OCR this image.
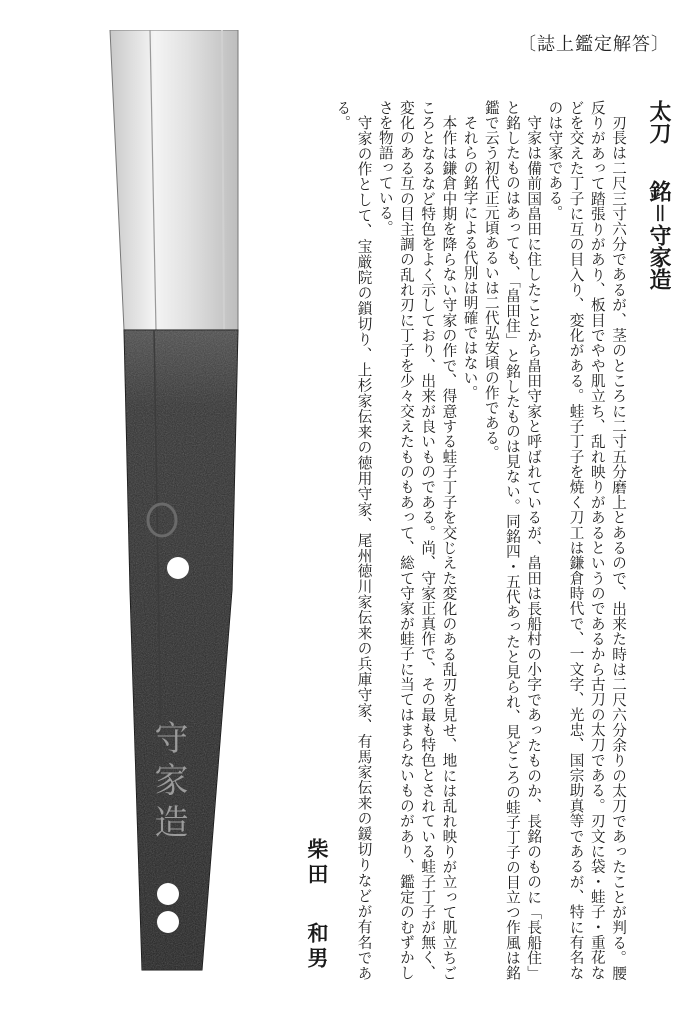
守家造
〔誌上鑑定解答〕
太刀銘＝守家造

刃長は二尺三寸六分であるが、茎のところに二寸五分磨上とあるので、出来た時は二尺六分余りの太刀であったことが判る。腰反りがあって踏張りがあり、板目でやや肌立ち、乱れ映りがあるというのであるから古刀の太刀である。刃文に袋・蛙子・重花などを交えた丁子に互の目入り、変化がある。蛙子丁子を焼く刀工は鎌倉時代で、一文字、光忠、国宗助真等であるが、特に有名なのは守家である。

守家は備前国畠田に住したことから畠田守家と呼ばれているが、畠田は長船村の小字であったものか、長銘のものに「長船住」と銘したものはあっても、「畠田住」と銘したものは見ない。同銘四・五代あったと見られ、見どころの蛙子丁子の目立つ作風は銘鑑で云う初代正元頃あるいは二代弘安頃の作である。

それらの銘字による代別は明確ではない。

本作は鎌倉中期を降らない守家の作で、得意する蛙子丁子を交じえた変化のある乱刃を見せ、地には乱れ映りが立って肌立ちごころとなるなど特色をよく示しており、出来が良いものである。尚、守家正真作で、その最も特色とされている蛙子丁子が無く、変化のある互の目主調の乱れ刃に丁子を少々交えたものもあって、総て守家が蛙子に当てはまらないものがあり、鑑定のむずかしさを物語っている。

守家の作として、宝厳院の鎖切り、上杉家伝来の徳用守家、尾州徳川家伝来の兵庫守家、有馬家伝来の鍰切りなどが有名である。

柴田和男
